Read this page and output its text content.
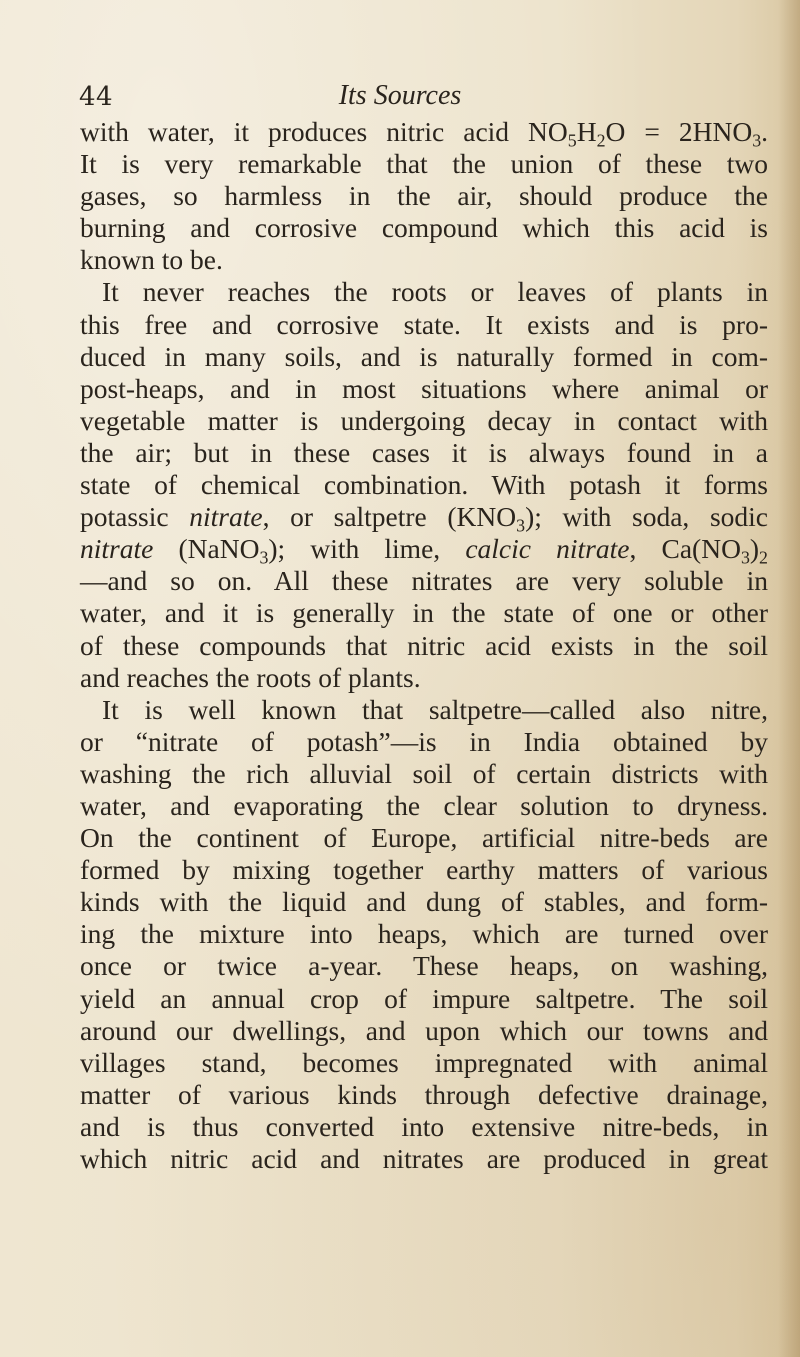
44	Its Sources
with water, it produces nitric acid $NO_5H_2O = 2HNO_3$.
It is very remarkable that the union of these two
gases, so harmless in the air, should produce the
burning and corrosive compound which this acid is
known to be.
It never reaches the roots or leaves of plants in
this free and corrosive state. It exists and is pro-
duced in many soils, and is naturally formed in com-
post-heaps, and in most situations where animal or
vegetable matter is undergoing decay in contact with
the air; but in these cases it is always found in a
state of chemical combination. With potash it forms
potassic nitrate, or saltpetre $(KNO_3)$; with soda, sodic
nitrate (NaNO$_3$); with lime, calcic nitrate, $Ca(NO_3)_2$
—and so on. All these nitrates are very soluble in
water, and it is generally in the state of one or other
of these compounds that nitric acid exists in the soil
and reaches the roots of plants.
It is well known that saltpetre—called also nitre,
or “nitrate of potash”—is in India obtained by
washing the rich alluvial soil of certain districts with
water, and evaporating the clear solution to dryness.
On the continent of Europe, artificial nitre-beds are
formed by mixing together earthy matters of various
kinds with the liquid and dung of stables, and form-
ing the mixture into heaps, which are turned over
once or twice a-year. These heaps, on washing,
yield an annual crop of impure saltpetre. The soil
around our dwellings, and upon which our towns and
villages stand, becomes impregnated with animal
matter of various kinds through defective drainage,
and is thus converted into extensive nitre-beds, in
which nitric acid and nitrates are produced in great
